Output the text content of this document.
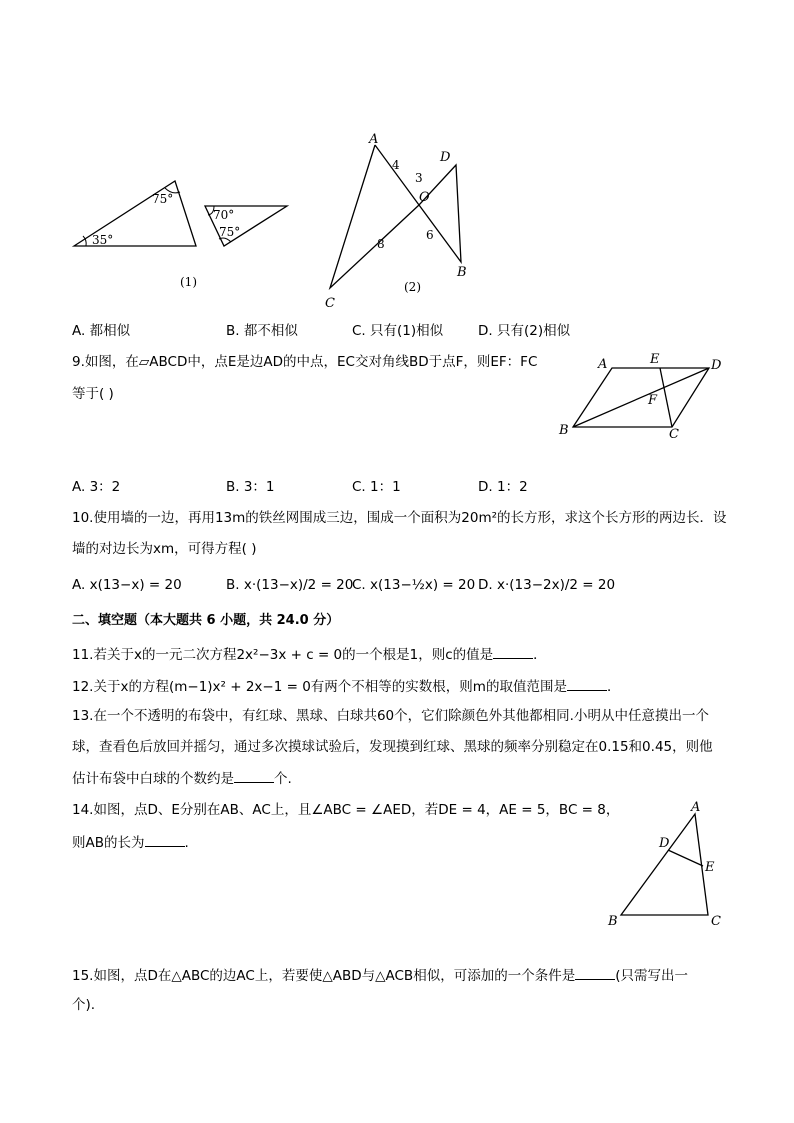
75°
35°
70°
75°
(1)
A
D
O
C
B
4
3
8
6
(2)
A. 都相似	B. 都不相似	C. 只有(1)相似	D. 只有(2)相似
9.如图，在▱ABCD中，点E是边AD的中点，EC交对角线BD于点F，则EF：FC
等于( )
A	E	D
F
B	C
A. 3：2	B. 3：1	C. 1：1	D. 1：2
10.使用墙的一边，再用13m的铁丝网围成三边，围成一个面积为20m²的长方形，求这个长方形的两边长．设
墙的对边长为xm，可得方程( )
A. x(13−x) = 20	B. x·(13−x)/2 = 20
C. x(13−½x) = 20 D. x·(13−2x)/2 = 20
二、填空题（本大题共 6 小题，共 24.0 分）
11.若关于x的一元二次方程2x²−3x + c = 0的一个根是1，则c的值是	．
12.关于x的方程(m−1)x² + 2x−1 = 0有两个不相等的实数根，则m的取值范围是	．
13.在一个不透明的布袋中，有红球、黑球、白球共60个，它们除颜色外其他都相同.小明从中任意摸出一个
球，查看色后放回并摇匀，通过多次摸球试验后，发现摸到红球、黑球的频率分别稳定在0.15和0.45，则他
估计布袋中白球的个数约是	个.
14.如图，点D、E分别在AB、AC上，且∠ABC = ∠AED，若DE = 4，AE = 5，BC = 8，
则AB的长为	.
A
D
E
B	C
15.如图，点D在△ABC的边AC上，若要使△ABD与△ACB相似，可添加的一个条件是	(只需写出一
个).
